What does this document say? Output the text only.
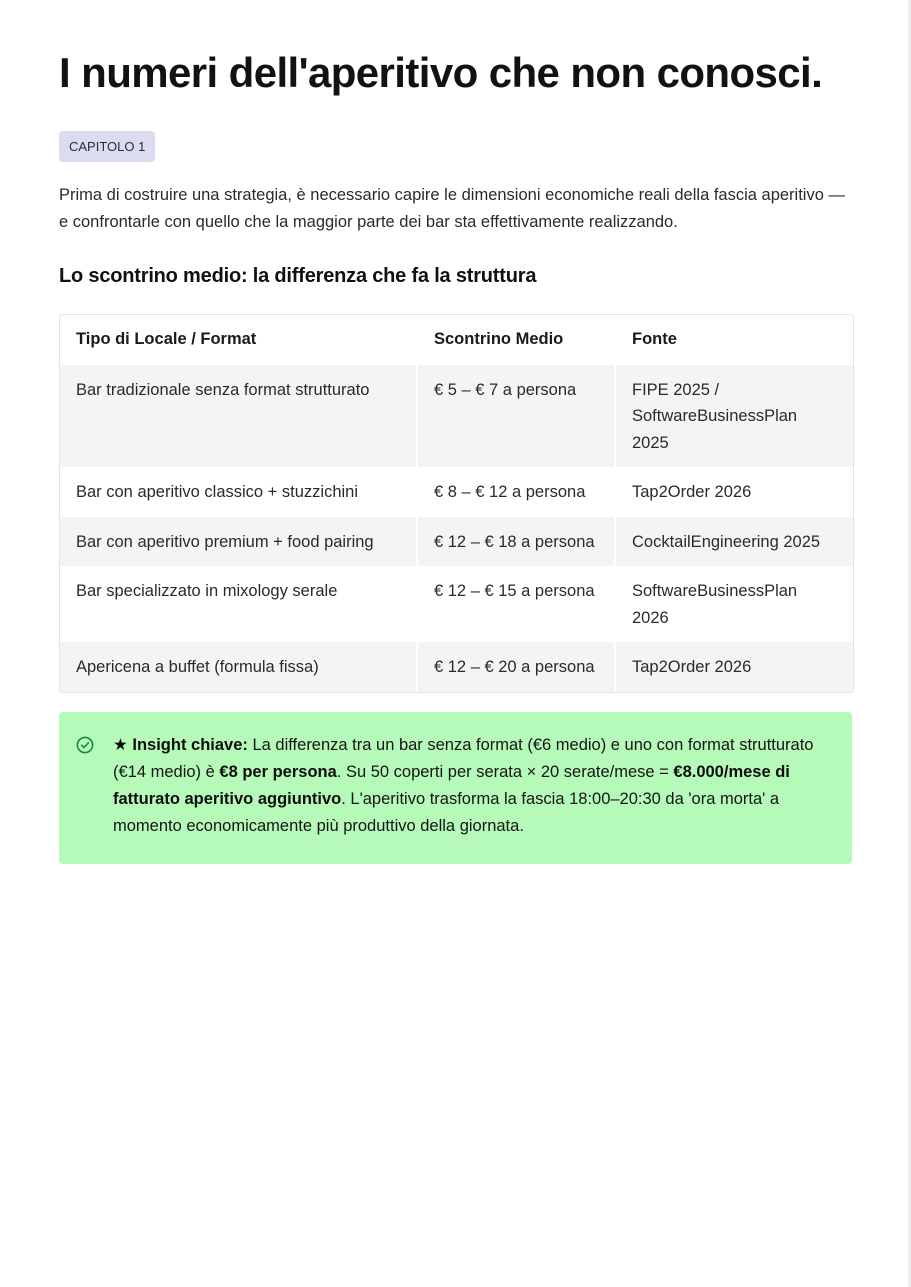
I numeri dell'aperitivo che non conosci.
CAPITOLO 1

Prima di costruire una strategia, è necessario capire le dimensioni economiche reali della fascia aperitivo — e confrontarle con quello che la maggior parte dei bar sta effettivamente realizzando.

Lo scontrino medio: la differenza che fa la struttura
Tipo di Locale / Format	Scontrino Medio	Fonte
Bar tradizionale senza format strutturato	€ 5 – € 7 a persona	FIPE 2025 / SoftwareBusinessPlan 2025
Bar con aperitivo classico + stuzzichini	€ 8 – € 12 a persona	Tap2Order 2026
Bar con aperitivo premium + food pairing	€ 12 – € 18 a persona	CocktailEngineering 2025
Bar specializzato in mixology serale	€ 12 – € 15 a persona	SoftwareBusinessPlan 2026
Apericena a buffet (formula fissa)	€ 12 – € 20 a persona	Tap2Order 2026
★ Insight chiave: La differenza tra un bar senza format (€6 medio) e uno con format strutturato (€14 medio) è €8 per persona. Su 50 coperti per serata × 20 serate/mese = €8.000/mese di fatturato aperitivo aggiuntivo. L'aperitivo trasforma la fascia 18:00–20:30 da 'ora morta' a momento economicamente più produttivo della giornata.
